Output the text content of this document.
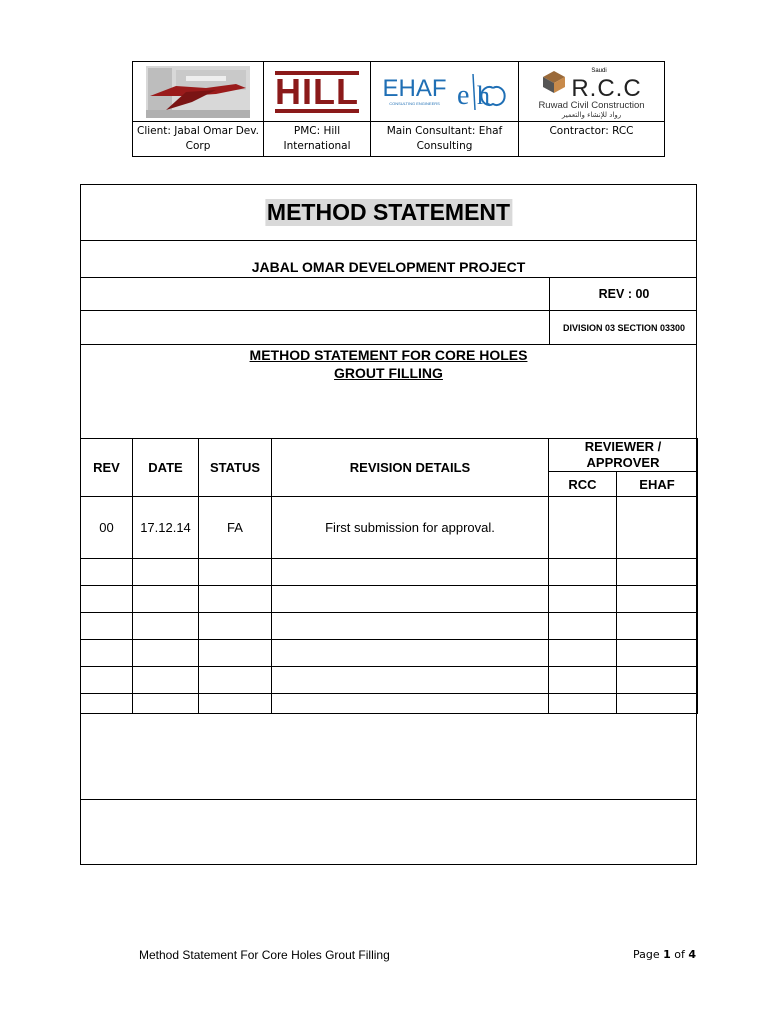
HILL	EHAF
CONSULTING ENGINEERS e h	Saudi
R.C.C
Ruwad Civil Construction
رواد للإنشاء والتعمير

Client: Jabal Omar Dev. Corp	PMC: Hill International	Main Consultant: Ehaf Consulting	Contractor: RCC
METHOD STATEMENT
JABAL OMAR DEVELOPMENT PROJECT
REV : 00
DIVISION 03 SECTION 03300
METHOD STATEMENT FOR CORE HOLES
GROUT FILLING
REV	DATE	STATUS	REVISION DETAILS	REVIEWER / APPROVER	
				RCC	EHAF
00	17.12.14	FA	First submission for approval.		

Method Statement For Core Holes Grout Filling	Page 1 of 4
